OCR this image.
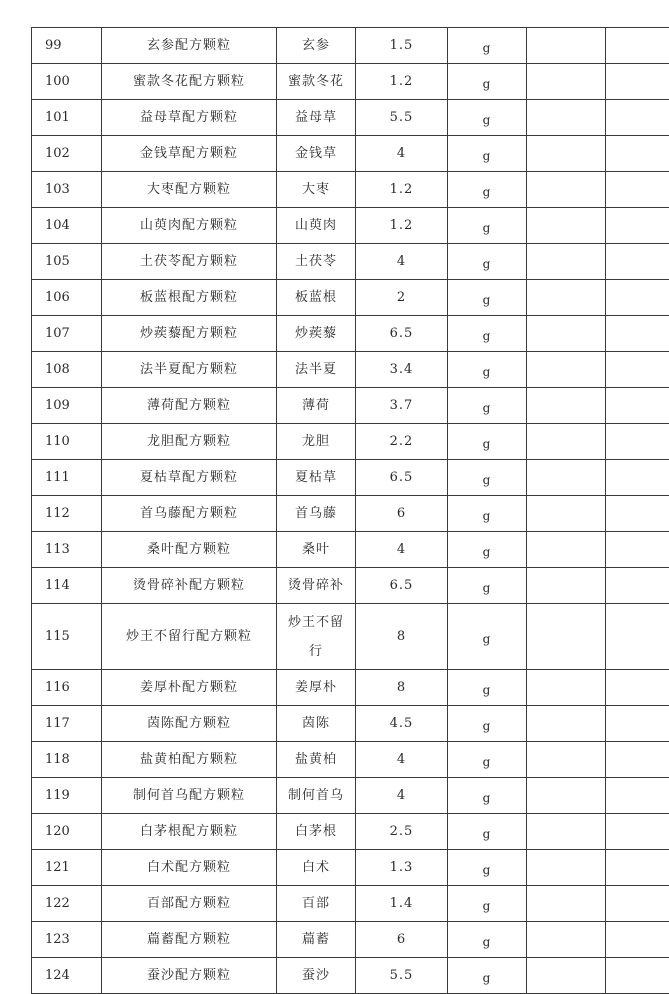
99	玄参配方颗粒	玄参	1.5	g		
100	蜜款冬花配方颗粒	蜜款冬花	1.2	g		
101	益母草配方颗粒	益母草	5.5	g		
102	金钱草配方颗粒	金钱草	4	g		
103	大枣配方颗粒	大枣	1.2	g		
104	山萸肉配方颗粒	山萸肉	1.2	g		
105	土茯苓配方颗粒	土茯苓	4	g		
106	板蓝根配方颗粒	板蓝根	2	g		
107	炒蒺藜配方颗粒	炒蒺藜	6.5	g		
108	法半夏配方颗粒	法半夏	3.4	g		
109	薄荷配方颗粒	薄荷	3.7	g		
110	龙胆配方颗粒	龙胆	2.2	g		
111	夏枯草配方颗粒	夏枯草	6.5	g		
112	首乌藤配方颗粒	首乌藤	6	g		
113	桑叶配方颗粒	桑叶	4	g		
114	烫骨碎补配方颗粒	烫骨碎补	6.5	g		
115	炒王不留行配方颗粒	炒王不留行	8	g		
116	姜厚朴配方颗粒	姜厚朴	8	g		
117	茵陈配方颗粒	茵陈	4.5	g		
118	盐黄柏配方颗粒	盐黄柏	4	g		
119	制何首乌配方颗粒	制何首乌	4	g		
120	白茅根配方颗粒	白茅根	2.5	g		
121	白术配方颗粒	白术	1.3	g		
122	百部配方颗粒	百部	1.4	g		
123	萹蓄配方颗粒	萹蓄	6	g		
124	蚕沙配方颗粒	蚕沙	5.5	g		
